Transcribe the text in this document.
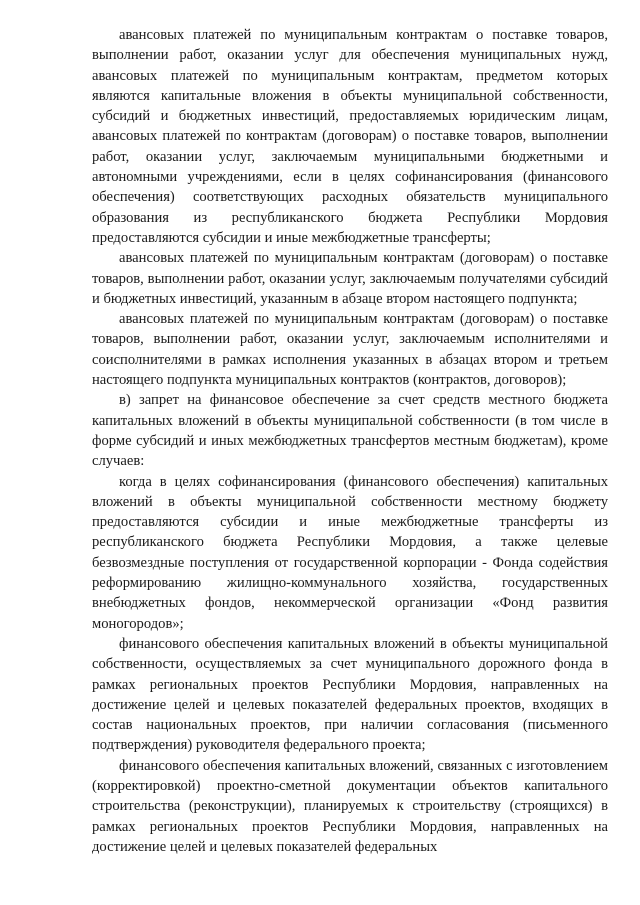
авансовых платежей по муниципальным контрактам о поставке товаров, выполнении работ, оказании услуг для обеспечения муниципальных нужд, авансовых платежей по муниципальным контрактам, предметом которых являются капитальные вложения в объекты муниципальной собственности, субсидий и бюджетных инвестиций, предоставляемых юридическим лицам, авансовых платежей по контрактам (договорам) о поставке товаров, выполнении работ, оказании услуг, заключаемым муниципальными бюджетными и автономными учреждениями, если в целях софинансирования (финансового обеспечения) соответствующих расходных обязательств муниципального образования из республиканского бюджета Республики Мордовия предоставляются субсидии и иные межбюджетные трансферты;

авансовых платежей по муниципальным контрактам (договорам) о поставке товаров, выполнении работ, оказании услуг, заключаемым получателями субсидий и бюджетных инвестиций, указанным в абзаце втором настоящего подпункта;

авансовых платежей по муниципальным контрактам (договорам) о поставке товаров, выполнении работ, оказании услуг, заключаемым исполнителями и соисполнителями в рамках исполнения указанных в абзацах втором и третьем настоящего подпункта муниципальных контрактов (контрактов, договоров);

в) запрет на финансовое обеспечение за счет средств местного бюджета капитальных вложений в объекты муниципальной собственности (в том числе в форме субсидий и иных межбюджетных трансфертов местным бюджетам), кроме случаев:

когда в целях софинансирования (финансового обеспечения) капитальных вложений в объекты муниципальной собственности местному бюджету предоставляются субсидии и иные межбюджетные трансферты из республиканского бюджета Республики Мордовия, а также целевые безвозмездные поступления от государственной корпорации - Фонда содействия реформированию жилищно-коммунального хозяйства, государственных внебюджетных фондов, некоммерческой организации «Фонд развития моногородов»;

финансового обеспечения капитальных вложений в объекты муниципальной собственности, осуществляемых за счет муниципального дорожного фонда в рамках региональных проектов Республики Мордовия, направленных на достижение целей и целевых показателей федеральных проектов, входящих в состав национальных проектов, при наличии согласования (письменного подтверждения) руководителя федерального проекта;

финансового обеспечения капитальных вложений, связанных с изготовлением (корректировкой) проектно-сметной документации объектов капитального строительства (реконструкции), планируемых к строительству (строящихся) в рамках региональных проектов Республики Мордовия, направленных на достижение целей и целевых показателей федеральных
